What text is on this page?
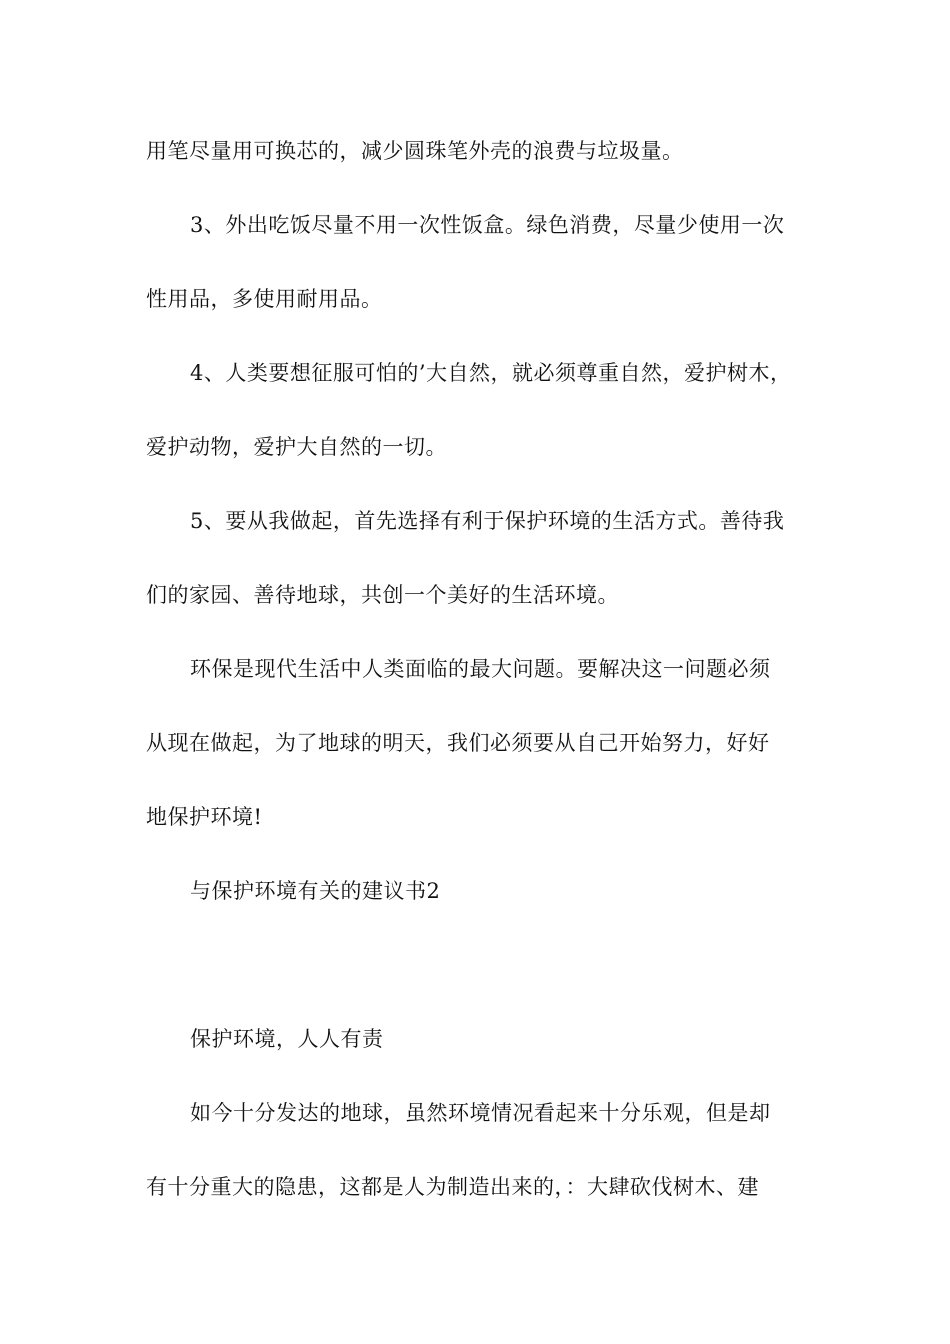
用笔尽量用可换芯的，减少圆珠笔外壳的浪费与垃圾量。
3、外出吃饭尽量不用一次性饭盒。绿色消费，尽量少使用一次
性用品，多使用耐用品。
4、人类要想征服可怕的’大自然，就必须尊重自然，爱护树木，
爱护动物，爱护大自然的一切。
5、要从我做起，首先选择有利于保护环境的生活方式。善待我
们的家园、善待地球，共创一个美好的生活环境。
环保是现代生活中人类面临的最大问题。要解决这一问题必须
从现在做起，为了地球的明天，我们必须要从自己开始努力，好好
地保护环境!
与保护环境有关的建议书2
保护环境，人人有责
如今十分发达的地球，虽然环境情况看起来十分乐观，但是却
有十分重大的隐患，这都是人为制造出来的，：大肆砍伐树木、建
